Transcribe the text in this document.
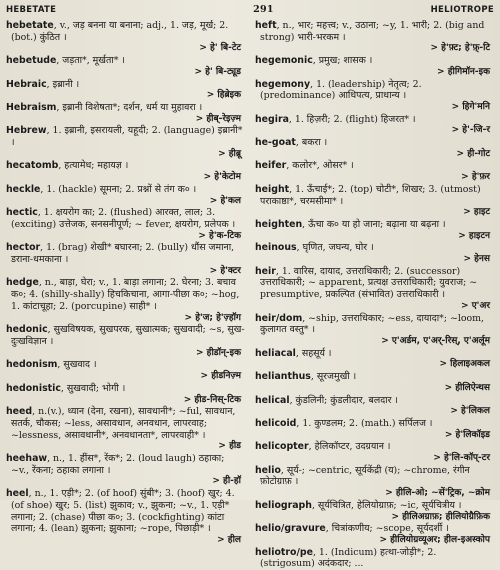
HEBETATE	291	HELIOTROPE
hebetate, v., जड़ बनना या बनाना; adj., 1. जड़, मूर्ख; 2. (bot.) कुंठित ।
> हे' बि-टेट
hebetude, जड़ता*, मूर्खता* ।
> हे' बि-ट्यूड
Hebraic, इब्रानी ।
> हिब्रेइक
Hebraism, इब्रानी विशेषता*; दर्शन, धर्म या मुहावरा ।
> हीब्-रेइज़्म
Hebrew, 1. इब्रानी, इसरायली, यहूदी; 2. (language) इब्रानी* ।
> हीब्रू
hecatomb, हत्यामेध; महायज्ञ ।
> हे'केटोम
heckle, 1. (hackle) सूमना; 2. प्रश्नों से तंग क० ।
> हे'कल
hectic, 1. क्षयरोग का; 2. (flushed) आरक्त, लाल; 3. (exciting) उत्तेजक, सनसनीपूर्ण; ~ fever, क्षयरोग, प्रलेपक ।
> हे'क-टिक
hector, 1. (brag) शेखी* बघारना; 2. (bully) धौंस जमाना, डराना-धमकाना ।
> हे'क्टर
hedge, n., बाड़ा, घेरा; v., 1. बाड़ा लगाना; 2. घेरना; 3. बचाव क०; 4. (shilly-shally) हिचकिचाना, आगा-पीछा क०; ~hog, 1. कांटाचूहा; 2. (porcupine) साही* ।
> हे'ज; हे'ज़्हॉग
hedonic, सुखविषयक, सुखपरक, सुखात्मक; सुखवादी; ~s, सुख-दुःखविज्ञान ।
> हीडॉन्-इक
hedonism, सुखवाद ।
> हीडनिज़्म
hedonistic, सुखवादी; भोगी ।
> हीड-निस्-टिक
heed, n.(v.), ध्यान (देना, रखना), सावधानी*; ~ful, सावधान, सतर्क, चौकस; ~less, असावधान, अनवधान, लापरवाह; ~lessness, असावधानी*, अनवधानता*, लापरवाही* ।
> हीड
heehaw, n., 1. हींस*, रेंक*; 2. (loud laugh) ठहाका; ~v., रेंकना; ठहाका लगाना ।
> ही-हॉ
heel, n., 1. एड़ी*; 2. (of hoof) सुंबी*; 3. (hoof) खुर; 4. (of shoe) खुर; 5. (list) झुकाव; v., झुकना; ~v., 1. एड़ी* लगाना; 2. (chase) पीछा क०; 3. (cockfighting) कांटा लगाना; 4. (lean) झुकना; झुकाना; ~rope, पिछाड़ी* ।
> हील
heft, n., भार; महत्त्व; v., उठाना; ~y, 1. भारी; 2. (big and strong) भारी-भरकम ।
> हे'फ़्ट; हे'फ़्-टि
hegemonic, प्रमुख; शासक ।
> हीगिमॉन-इक
hegemony, 1. (leadership) नेतृत्व; 2. (predominance) आधिपत्य, प्राधान्य ।
> हिगे'मनि
hegira, 1. हिज़री; 2. (flight) हिजरत* ।
> हे'-जि-र
he-goat, बकरा ।
> ही-गोट
heifer, कलोर*, ओसर* ।
> हे'फ़र
height, 1. ऊँचाई*; 2. (top) चोटी*, शिखर; 3. (utmost) पराकाष्ठा*, चरमसीमा* ।
> हाइट
heighten, ऊँचा क० या हो जाना; बढ़ाना या बढ़ना ।
> हाइटन
heinous, घृणित, जघन्य, घोर ।
> हेनस
heir, 1. वारिस, दायाद, उत्तराधिकारी; 2. (successor) उत्तराधिकारी; ~ apparent, प्रत्यक्ष उत्तराधिकारी; युवराज; ~ presumptive, प्रकल्पित (संभावित) उत्तराधिकारी ।
> ए'अर
heir/dom, ~ship, उत्तराधिकार; ~ess, दायादा*; ~loom, कुलागत वस्तु* ।
> ए'अर्डम, ए'अर्-रिस्, ए'अर्लूम
heliacal, सहसूर्य ।
> हिलाइअकल
helianthus, सूरजमुखी ।
> हीलिऐन्थस
helical, कुंडलिनी; कुंडलीदार, बलदार ।
> हे'लिकल
helicoid, 1. कुण्डलम; 2. (math.) सर्पिलज ।
> हे'लिकॉइड
helicopter, हेलिकॉप्टर, उदग्रयान ।
> हे'लि-कॉप्-टर
helio, सूर्य-; ~centric, सूर्यकेंद्री (य); ~chrome, रंगीन फ़ोटोग्राफ़ ।
> हीलि-ओ; ~सें'ट्रिक, ~क्रोम
heliograph, सूर्यचित्रित, हेलियोग्राफ़; ~ic, सूर्यचित्रीय ।
> हीलिअग्राफ़; हीलियोग्रैफ़िक
helio/gravure, चित्रांकणीय; ~scope, सूर्यदर्शी ।
> हीलियोग्रव्यूअर; हील-इअस्कोप
heliotro/pe, 1. (Indicum) हत्था-जोड़ी*; 2. (strigosum) अदंकदार; ...
